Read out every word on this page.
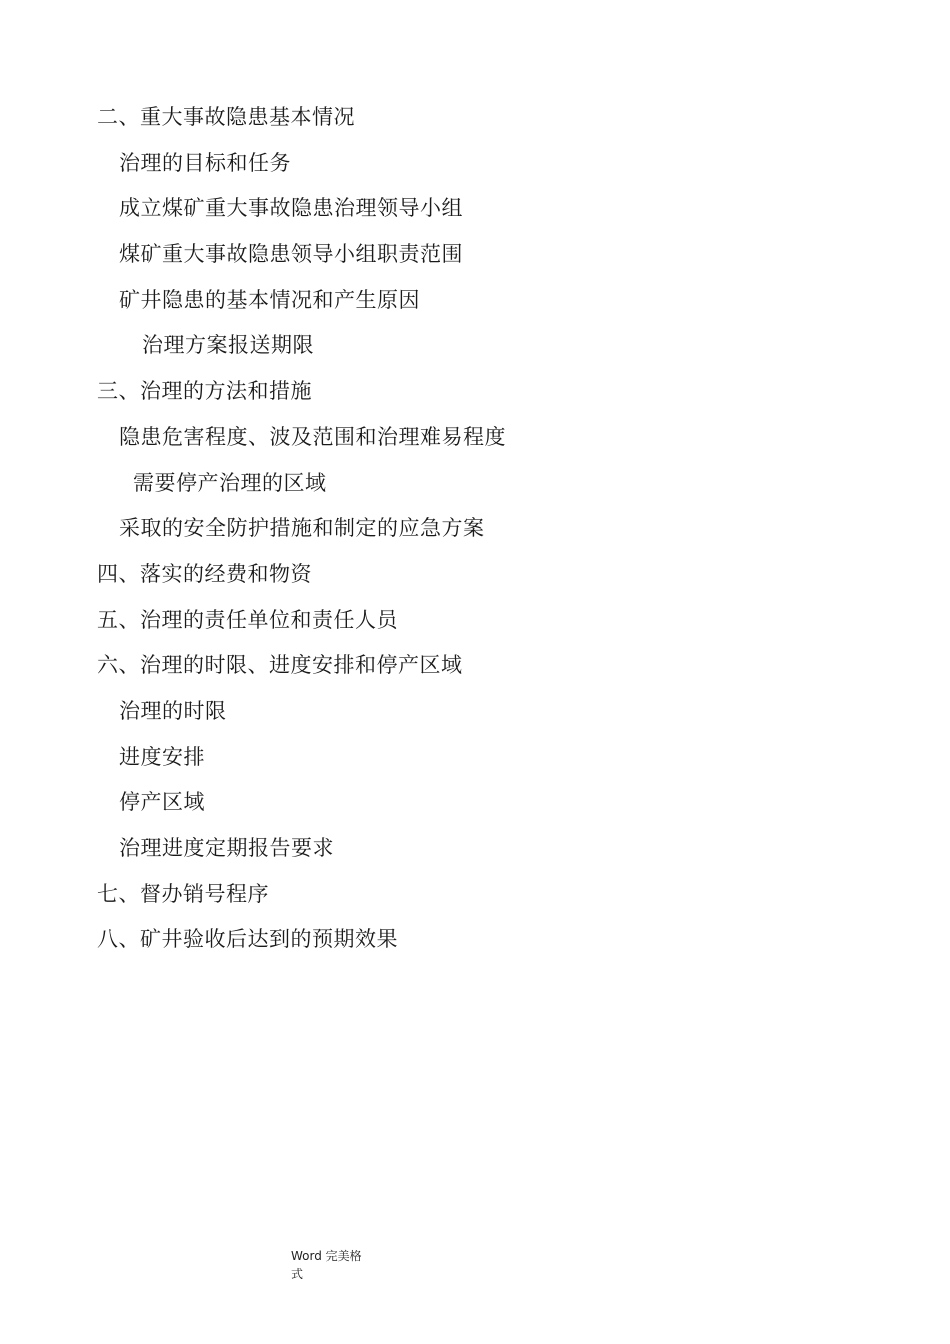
二、重大事故隐患基本情况
治理的目标和任务
成立煤矿重大事故隐患治理领导小组
煤矿重大事故隐患领导小组职责范围
矿井隐患的基本情况和产生原因
治理方案报送期限
三、治理的方法和措施
隐患危害程度、波及范围和治理难易程度
需要停产治理的区域
采取的安全防护措施和制定的应急方案
四、落实的经费和物资
五、治理的责任单位和责任人员
六、治理的时限、进度安排和停产区域
治理的时限
进度安排
停产区域
治理进度定期报告要求
七、督办销号程序
八、矿井验收后达到的预期效果
Word 完美格
式
